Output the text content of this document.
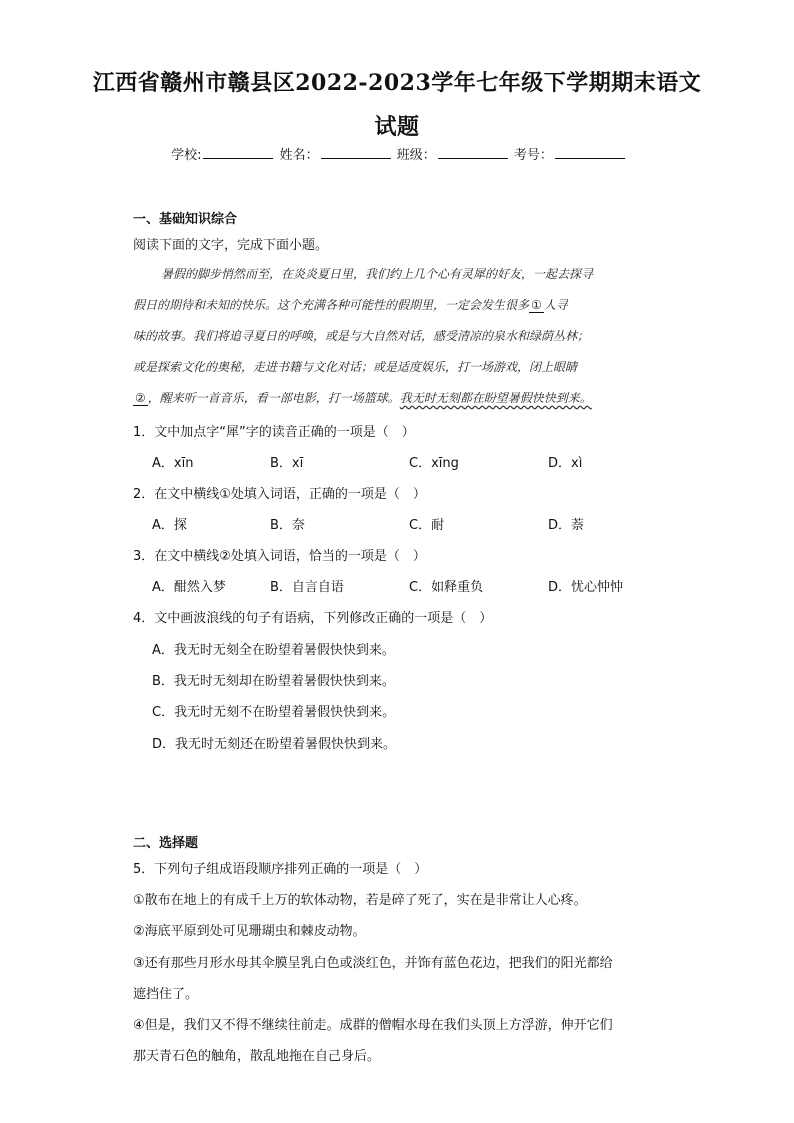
江西省赣州市赣县区2022-2023学年七年级下学期期末语文
试题
学校:	姓名：	班级：	考号：
一、基础知识综合
阅读下面的文字，完成下面小题。
暑假的脚步悄然而至，在炎炎夏日里，我们约上几个心有灵犀的好友，一起去探寻
假日的期待和未知的快乐。这个充满各种可能性的假期里，一定会发生很多 ① 人寻
味的故事。我们将追寻夏日的呼唤，或是与大自然对话，感受清凉的泉水和绿荫丛林；
或是探索文化的奥秘，走进书籍与文化对话；或是适度娱乐，打一场游戏，闭上眼睛
② ，醒来听一首音乐，看一部电影，打一场篮球。我无时无刻都在盼望暑假快快到来。
1．文中加点字“犀”字的读音正确的一项是（　）
A．xīn	B．xī	C．xīng	D．xì
2．在文中横线①处填入词语，正确的一项是（　）
A．探	B．奈	C．耐	D．萘
3．在文中横线②处填入词语，恰当的一项是（　）
A．酣然入梦	B．自言自语	C．如释重负	D．忧心忡忡
4．文中画波浪线的句子有语病，下列修改正确的一项是（　）
A．我无时无刻全在盼望着暑假快快到来。
B．我无时无刻却在盼望着暑假快快到来。
C．我无时无刻不在盼望着暑假快快到来。
D．我无时无刻还在盼望着暑假快快到来。
二、选择题
5．下列句子组成语段顺序排列正确的一项是（　）
①散布在地上的有成千上万的软体动物，若是碎了死了，实在是非常让人心疼。
②海底平原到处可见珊瑚虫和棘皮动物。
③还有那些月形水母其伞膜呈乳白色或淡红色，并饰有蓝色花边，把我们的阳光都给
遮挡住了。
④但是，我们又不得不继续往前走。成群的僧帽水母在我们头顶上方浮游，伸开它们
那天青石色的触角，散乱地拖在自己身后。
